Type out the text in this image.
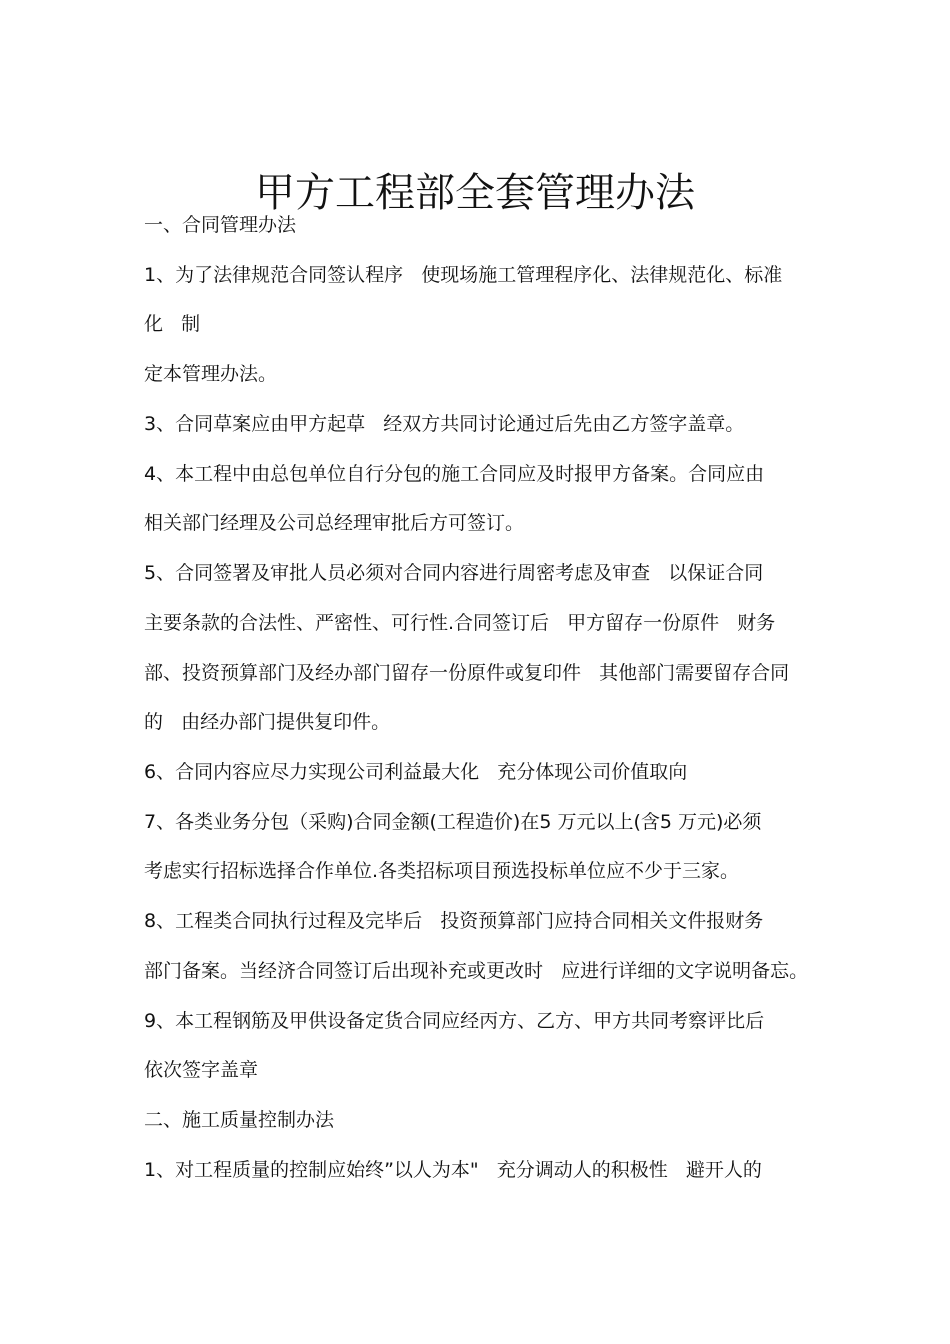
甲方工程部全套管理办法
一、合同管理办法
1、为了法律规范合同签认程序   使现场施工管理程序化、法律规范化、标准
化   制
定本管理办法。
3、合同草案应由甲方起草   经双方共同讨论通过后先由乙方签字盖章。
4、本工程中由总包单位自行分包的施工合同应及时报甲方备案。合同应由
相关部门经理及公司总经理审批后方可签订。
5、合同签署及审批人员必须对合同内容进行周密考虑及审查   以保证合同
主要条款的合法性、严密性、可行性.合同签订后   甲方留存一份原件   财务
部、投资预算部门及经办部门留存一份原件或复印件   其他部门需要留存合同
的   由经办部门提供复印件。
6、合同内容应尽力实现公司利益最大化   充分体现公司价值取向
7、各类业务分包（采购)合同金额(工程造价)在5 万元以上(含5 万元)必须
考虑实行招标选择合作单位.各类招标项目预选投标单位应不少于三家。
8、工程类合同执行过程及完毕后   投资预算部门应持合同相关文件报财务
部门备案。当经济合同签订后出现补充或更改时   应进行详细的文字说明备忘。
9、本工程钢筋及甲供设备定货合同应经丙方、乙方、甲方共同考察评比后
依次签字盖章
二、施工质量控制办法
1、对工程质量的控制应始终”以人为本"   充分调动人的积极性   避开人的
